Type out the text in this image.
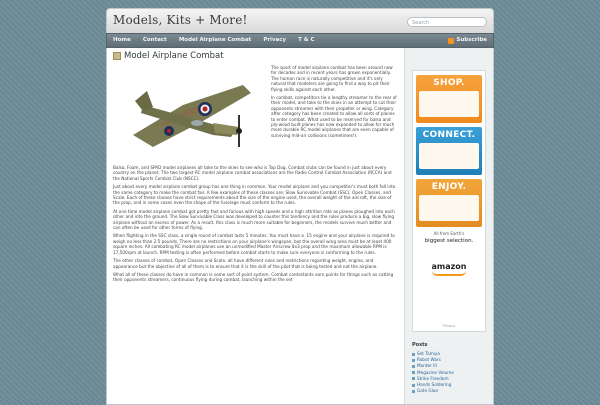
Models, Kits + More!	Search
Home	Contact	Model Airplane Combat	Privacy	T & C	Subscribe
Model Airplane Combat

The sport of model airplane combat has been around now for decades and in recent years has grown exponentially. The human race is naturally competitive and it's only natural that modelers are going to find a way to pit their flying skills against each other.

In combat, competitors tie a lengthy streamer to the rear of their model, and take to the skies in an attempt to cut their opponents streamer with their propeller or wing. Category after category has been created to allow all sorts of planes to enter combat. What used to be reserved for balsa and ply-wood built planes has now expanded to allow for much more durable RC model airplanes that are even capable of surviving mid-air collisions (sometimes!).

Balsa, Foam, and SPAD model airplanes all take to the skies to see who is Top Dog. Combat clubs can be found in just about every country on the planet. The two largest RC model airplane combat associations are the Radio Control Combat Association (RCCA) and the National Sports Combat Club (NSCC).

Just about every model airplane combat group has one thing in common. Your model airplane and you competitor's must both fall into the same category to make the combat fair. A few examples of these classes are; Slow Survivable Combat (SSC), Open Classes, and Scale. Each of these classes have strict requirements about the size of the engine used, the overall weight of the aircraft, the size of the prop, and in some cases even the shape of the fuselage must conform to the rules.

At one time model airplane combat got pretty fast and furious with high speeds and a high attrition rate as planes ploughed into each other and into the ground. The Slow Survivable Class was developed to counter this tendency and the rules produce a big, slow flying airplane without an excess of power. As a result, this class is much more suitable for beginners, the models survive much better and can often be used for other forms of flying.

When flighting in the SSC class, a single round of combat lasts 5 minutes. You must have a .15 engine and your airplane is required to weigh no less than 2.5 pounds. There are no restrictions on your airplane's wingspan, but the overall wing area must be at least 400 square inches. All combating RC model airplanes use an unmodified Master Airscrew 8x3 prop and the maximum allowable RPM is 17,500rpm at launch. RPM testing is often performed before combat starts to make sure everyone is conforming to the rules.

The other classes of combat, Open Classes and Scale, all have different rules and restrictions regarding weight, engine, and appearance but the objective of all of them is to ensure that it is the skill of the pilot that is being tested and not the airplane.

What all of these classes do have in common is some sort of point system. Combat contestants earn points for things such as cutting their opponents streamers, continuous flying during combat, launching within the set

SHOP.
CONNECT.
ENJOY.
All from Earth's
biggest selection.
amazon
Privacy
Posts
Set Tamiya
Robot Wars
Marder III
Megazine Volume
Strike Freedom
Hands Soldering
Gate Glue
